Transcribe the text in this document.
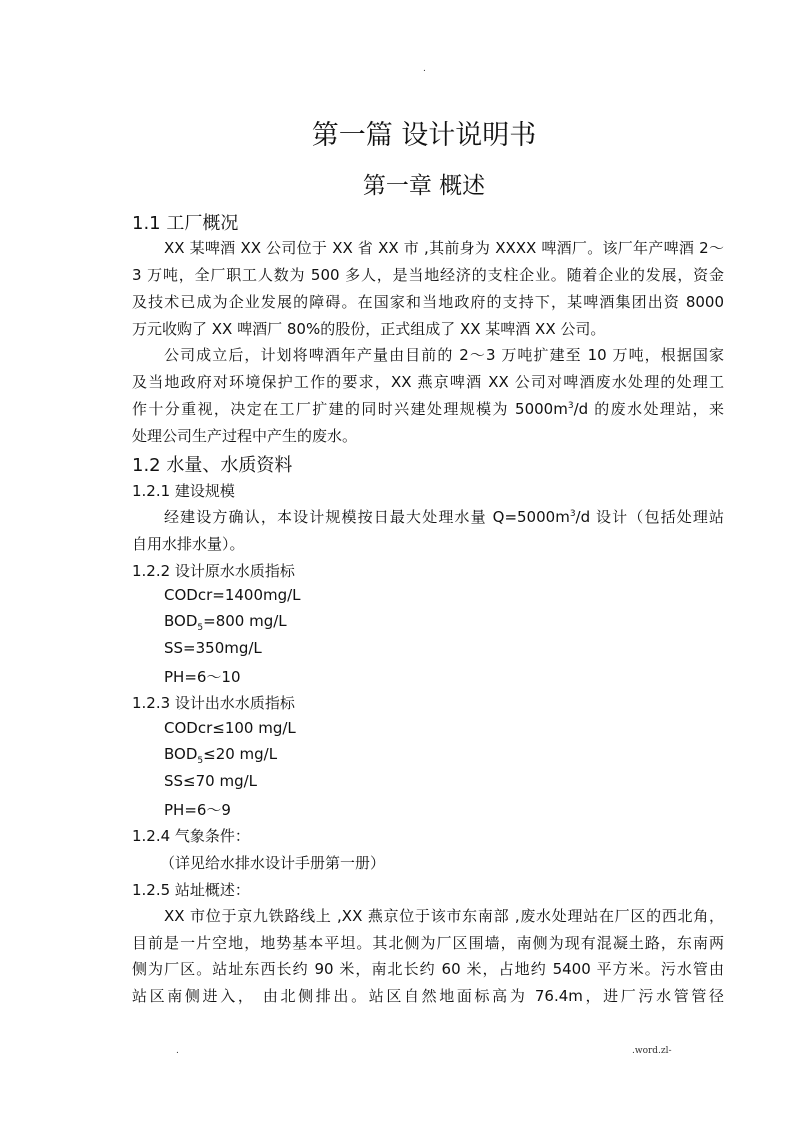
.
第一篇 设计说明书
第一章 概述
1.1 工厂概况
XX 某啤酒 XX 公司位于 XX 省 XX 市 ,其前身为 XXXX 啤酒厂。该厂年产啤酒 2～
3 万吨，全厂职工人数为 500 多人，是当地经济的支柱企业。随着企业的发展，资金
及技术已成为企业发展的障碍。在国家和当地政府的支持下，某啤酒集团出资 8000
万元收购了 XX 啤酒厂 80%的股份，正式组成了 XX 某啤酒 XX 公司。
公司成立后，计划将啤酒年产量由目前的 2～3 万吨扩建至 10 万吨，根据国家
及当地政府对环境保护工作的要求，XX 燕京啤酒 XX 公司对啤酒废水处理的处理工
作十分重视，决定在工厂扩建的同时兴建处理规模为 $5000m^3/d$ 的废水处理站，来
处理公司生产过程中产生的废水。
1.2 水量、水质资料
1.2.1 建设规模
经建设方确认，本设计规模按日最大处理水量 $Q=5000m^3/d$ 设计（包括处理站
自用水排水量）。
1.2.2 设计原水水质指标
CODcr=1400mg/L
$BOD_5=800$ mg/L
SS=350mg/L
PH=6～10
1.2.3 设计出水水质指标
CODcr≤100 mg/L
$BOD_5\le 20$ mg/L
SS≤70 mg/L
PH=6～9
1.2.4 气象条件：
（详见给水排水设计手册第一册）
1.2.5 站址概述：
XX 市位于京九铁路线上 ,XX 燕京位于该市东南部 ,废水处理站在厂区的西北角，
目前是一片空地，地势基本平坦。其北侧为厂区围墙，南侧为现有混凝土路，东南两
侧为厂区。站址东西长约 90 米，南北长约 60 米，占地约 5400 平方米。污水管由
站区南侧进入， 由北侧排出。站区自然地面标高为 76.4m，进厂污水管管径
.	.word.zl-
